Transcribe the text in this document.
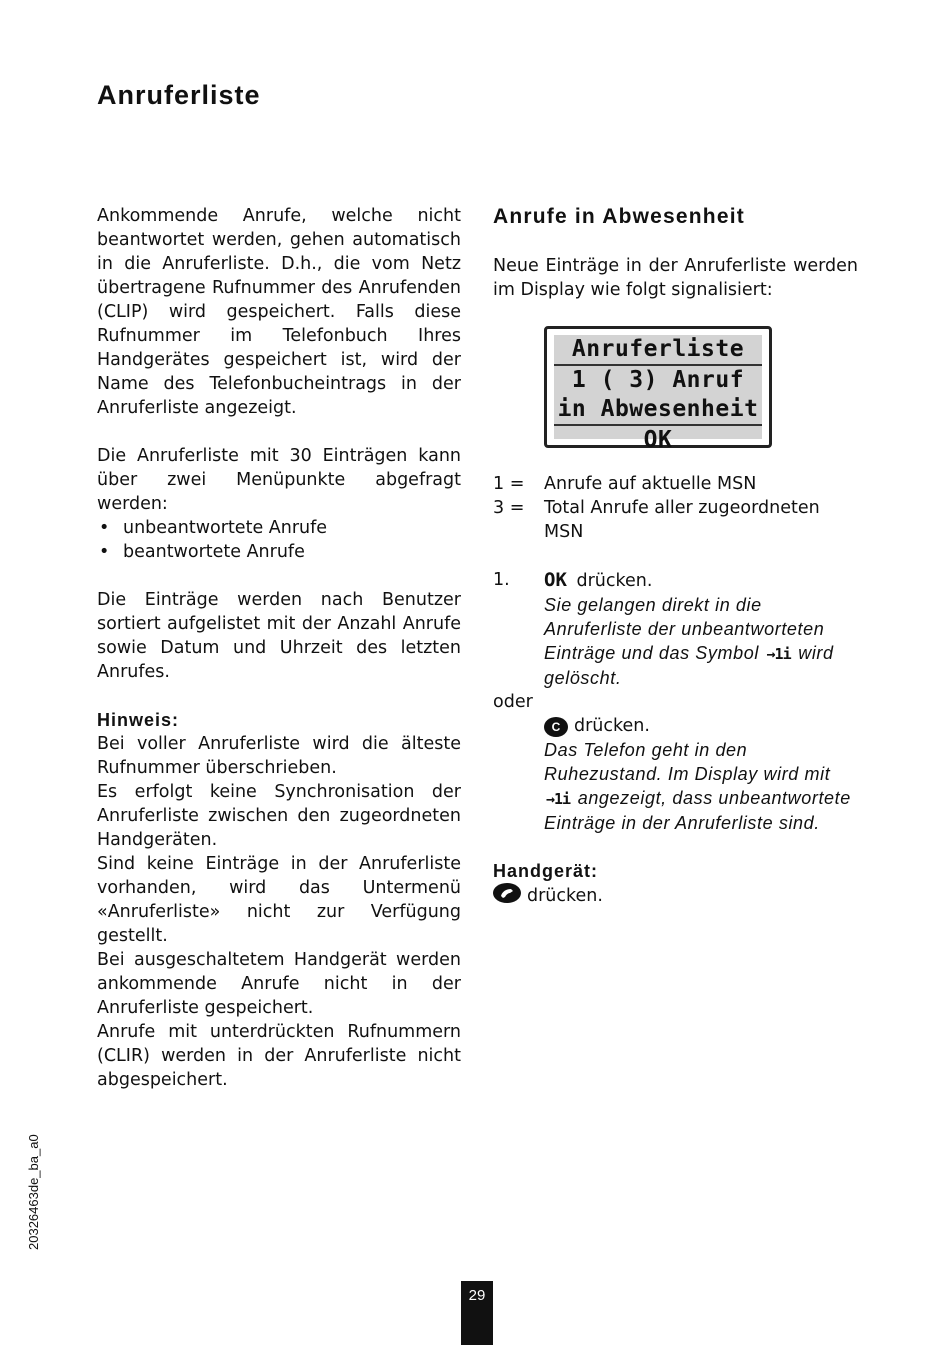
Anruferliste

Ankommende Anrufe, welche nicht beantwortet werden, gehen automatisch in die Anruferliste. D.h., die vom Netz übertragene Rufnummer des Anrufenden (CLIP) wird gespeichert. Falls diese Rufnummer im Telefonbuch Ihres Handgerätes gespeichert ist, wird der Name des Telefonbucheintrags in der Anruferliste angezeigt.

Die Anruferliste mit 30 Einträgen kann über zwei Menüpunkte abgefragt werden:

• unbeantwortete Anrufe
• beantwortete Anrufe

Die Einträge werden nach Benutzer sortiert aufgelistet mit der Anzahl Anrufe sowie Datum und Uhrzeit des letzten Anrufes.

Hinweis:

Bei voller Anruferliste wird die älteste Rufnummer überschrieben.

Es erfolgt keine Synchronisation der Anruferliste zwischen den zugeordneten Handgeräten.

Sind keine Einträge in der Anruferliste vorhanden, wird das Untermenü «Anruferliste» nicht zur Verfügung gestellt.

Bei ausgeschaltetem Handgerät werden ankommende Anrufe nicht in der Anruferliste gespeichert.

Anrufe mit unterdrückten Rufnummern (CLIR) werden in der Anruferliste nicht abgespeichert.

Anrufe in Abwesenheit

Neue Einträge in der Anruferliste werden im Display wie folgt signalisiert:

Anruferliste
1 ( 3) Anruf
in Abwesenheit
OK
1 =	Anrufe auf aktuelle MSN
3 =	Total Anrufe aller zugeordneten MSN
1.	OK drücken.
Sie gelangen direkt in die Anruferliste der unbeantworteten Einträge und das Symbol →1i wird gelöscht.
oder
C drücken.
Das Telefon geht in den Ruhezustand. Im Display wird mit →1i angezeigt, dass unbeantwortete Einträge in der Anruferliste sind.
Handgerät:
drücken.
20326463de_ba_a0
29
